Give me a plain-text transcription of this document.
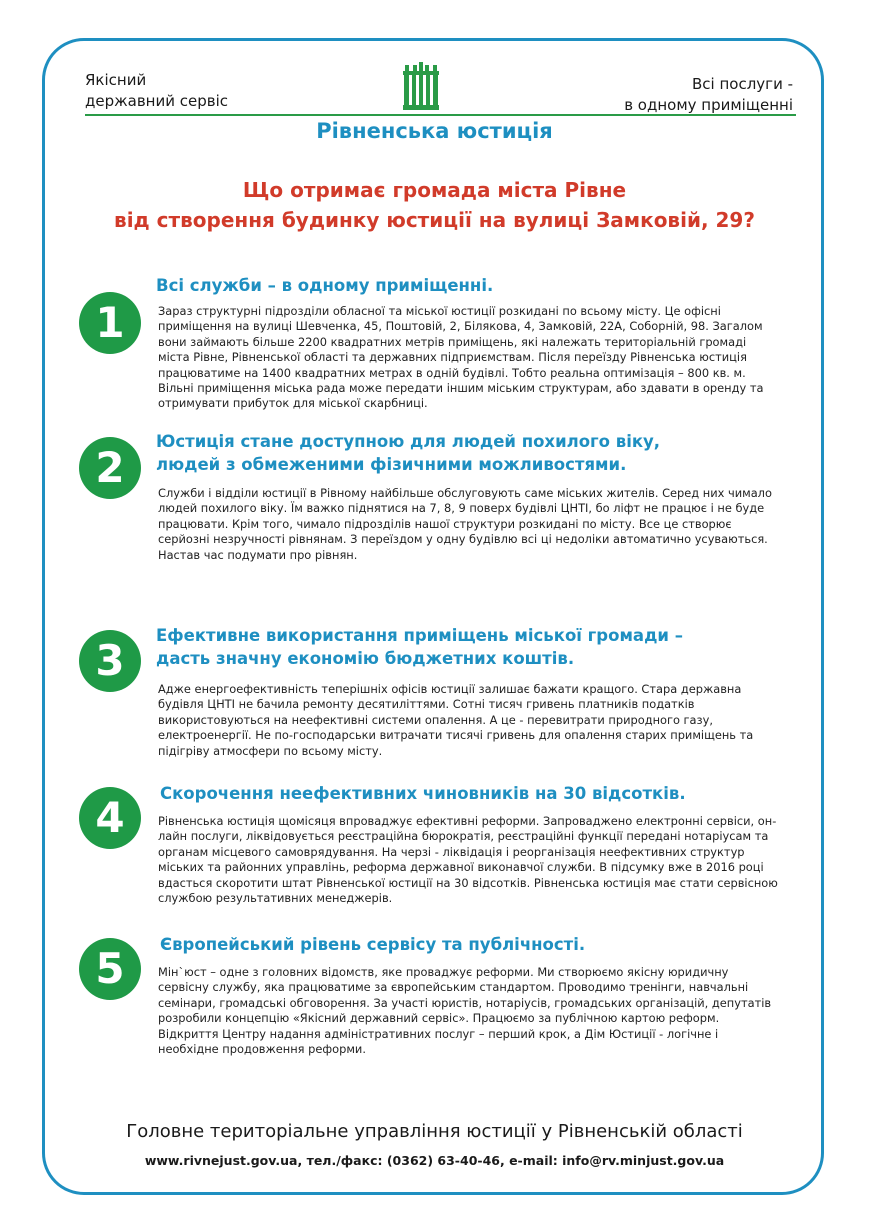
Якісний
державний сервіс
Всі послуги -
в одному приміщенні
Рівненська юстиція
Що отримає громада міста Рівне
від створення будинку юстиції на вулиці Замковій, 29?
1
Всі служби – в одному приміщенні.
Зараз структурні підрозділи обласної та міської юстиції розкидані по всьому місту. Це офісні приміщення на вулиці Шевченка, 45, Поштовій, 2, Білякова, 4, Замковій, 22А, Соборній, 98. Загалом вони займають більше 2200 квадратних метрів приміщень, які належать територіальній громаді міста Рівне, Рівненської області та державних підприємствам. Після переїзду Рівненська юстиція працюватиме на 1400 квадратних метрах в одній будівлі. Тобто реальна оптимізація – 800 кв. м. Вільні приміщення міська рада може передати іншим міським структурам, або здавати в оренду та отримувати прибуток для міської скарбниці.
2
Юстиція стане доступною для людей похилого віку,
людей з обмеженими фізичними можливостями.
Служби і відділи юстиції в Рівному найбільше обслуговують саме міських жителів. Серед них чимало людей похилого віку. Їм важко піднятися на 7, 8, 9 поверх будівлі ЦНТІ, бо ліфт не працює і не буде працювати. Крім того, чимало підрозділів нашої структури розкидані по місту. Все це створює серйозні незручності рівнянам. З переїздом у одну будівлю всі ці недоліки автоматично усуваються. Настав час подумати про рівнян.
3
Ефективне використання приміщень міської громади –
дасть значну економію бюджетних коштів.
Адже енергоефективність теперішніх офісів юстиції залишає бажати кращого. Стара державна будівля ЦНТІ не бачила ремонту десятиліттями. Сотні тисяч гривень платників податків використовуються на неефективні системи опалення. А це - перевитрати природного газу, електроенергії. Не по-господарськи витрачати тисячі гривень для опалення старих приміщень та підігріву атмосфери по всьому місту.
4	Скорочення неефективних чиновників на 30 відсотків.
Рівненська юстиція щомісяця впроваджує ефективні реформи. Запроваджено електронні сервіси, он-лайн послуги, ліквідовується реєстраційна бюрократія, реєстраційні функції передані нотаріусам та органам місцевого самоврядування. На черзі - ліквідація і реорганізація неефективних структур міських та районних управлінь, реформа державної виконавчої служби. В підсумку вже в 2016 році вдасться скоротити штат Рівненської юстиції на 30 відсотків. Рівненська юстиція має стати сервісною службою результативних менеджерів.
5	Європейський рівень сервісу та публічності.
Мін`юст – одне з головних відомств, яке проваджує реформи. Ми створюємо якісну юридичну сервісну службу, яка працюватиме за європейським стандартом. Проводимо тренінги, навчальні семінари, громадські обговорення. За участі юристів, нотаріусів, громадських організацій, депутатів розробили концепцію «Якісний державний сервіс». Працюємо за публічною картою реформ. Відкриття Центру надання адміністративних послуг – перший крок, а Дім Юстиції - логічне і необхідне продовження реформи.
Головне територіальне управління юстиції у Рівненській області
www.rivnejust.gov.ua, тел./факс: (0362) 63-40-46, e-mail: info@rv.minjust.gov.ua
